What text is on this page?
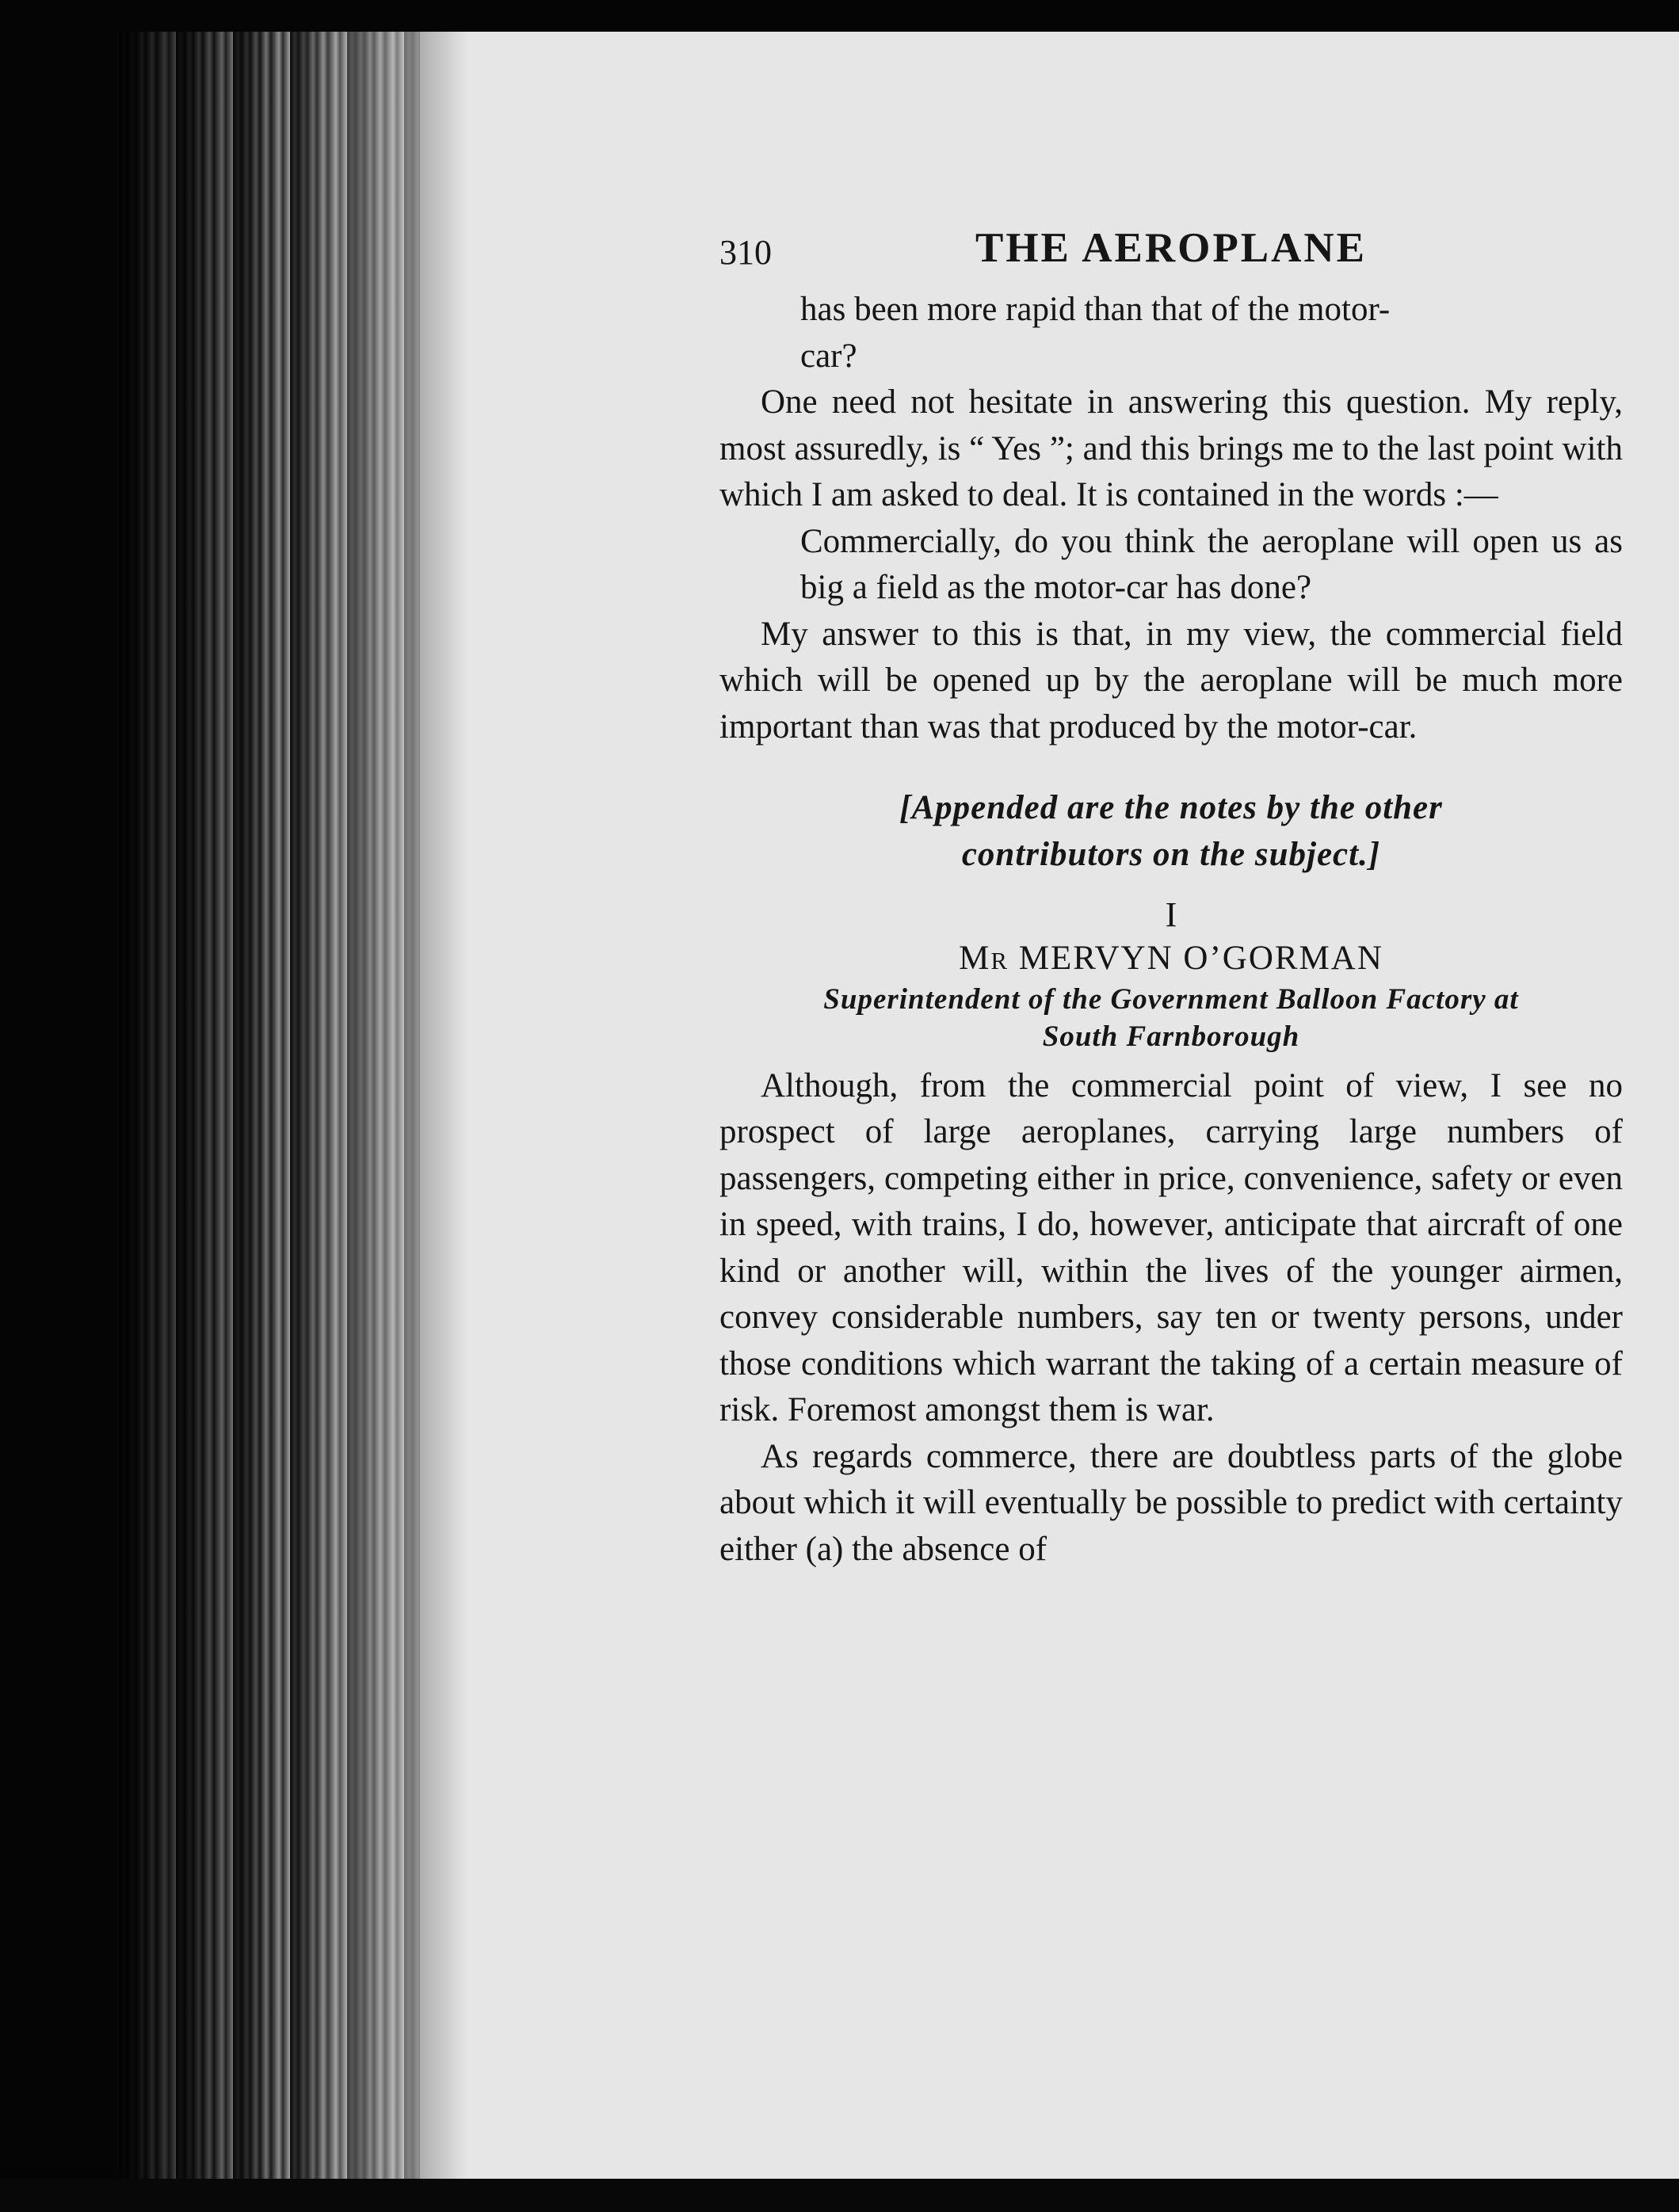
310	THE AEROPLANE

has been more rapid than that of the motor-
car?

One need not hesitate in answering this question. My reply, most assuredly, is “ Yes ”; and this brings me to the last point with which I am asked to deal. It is contained in the words :—

Commercially, do you think the aeroplane will open us as big a field as the motor-car has done?

My answer to this is that, in my view, the commercial field which will be opened up by the aeroplane will be much more important than was that produced by the motor-car.

[Appended are the notes by the other
contributors on the subject.]
I
MR MERVYN O’GORMAN
Superintendent of the Government Balloon Factory at
South Farnborough

Although, from the commercial point of view, I see no prospect of large aeroplanes, carrying large numbers of passengers, competing either in price, convenience, safety or even in speed, with trains, I do, however, anticipate that aircraft of one kind or another will, within the lives of the younger airmen, convey considerable numbers, say ten or twenty persons, under those conditions which warrant the taking of a certain measure of risk. Foremost amongst them is war.

As regards commerce, there are doubtless parts of the globe about which it will eventually be possible to predict with certainty either (a) the absence of
